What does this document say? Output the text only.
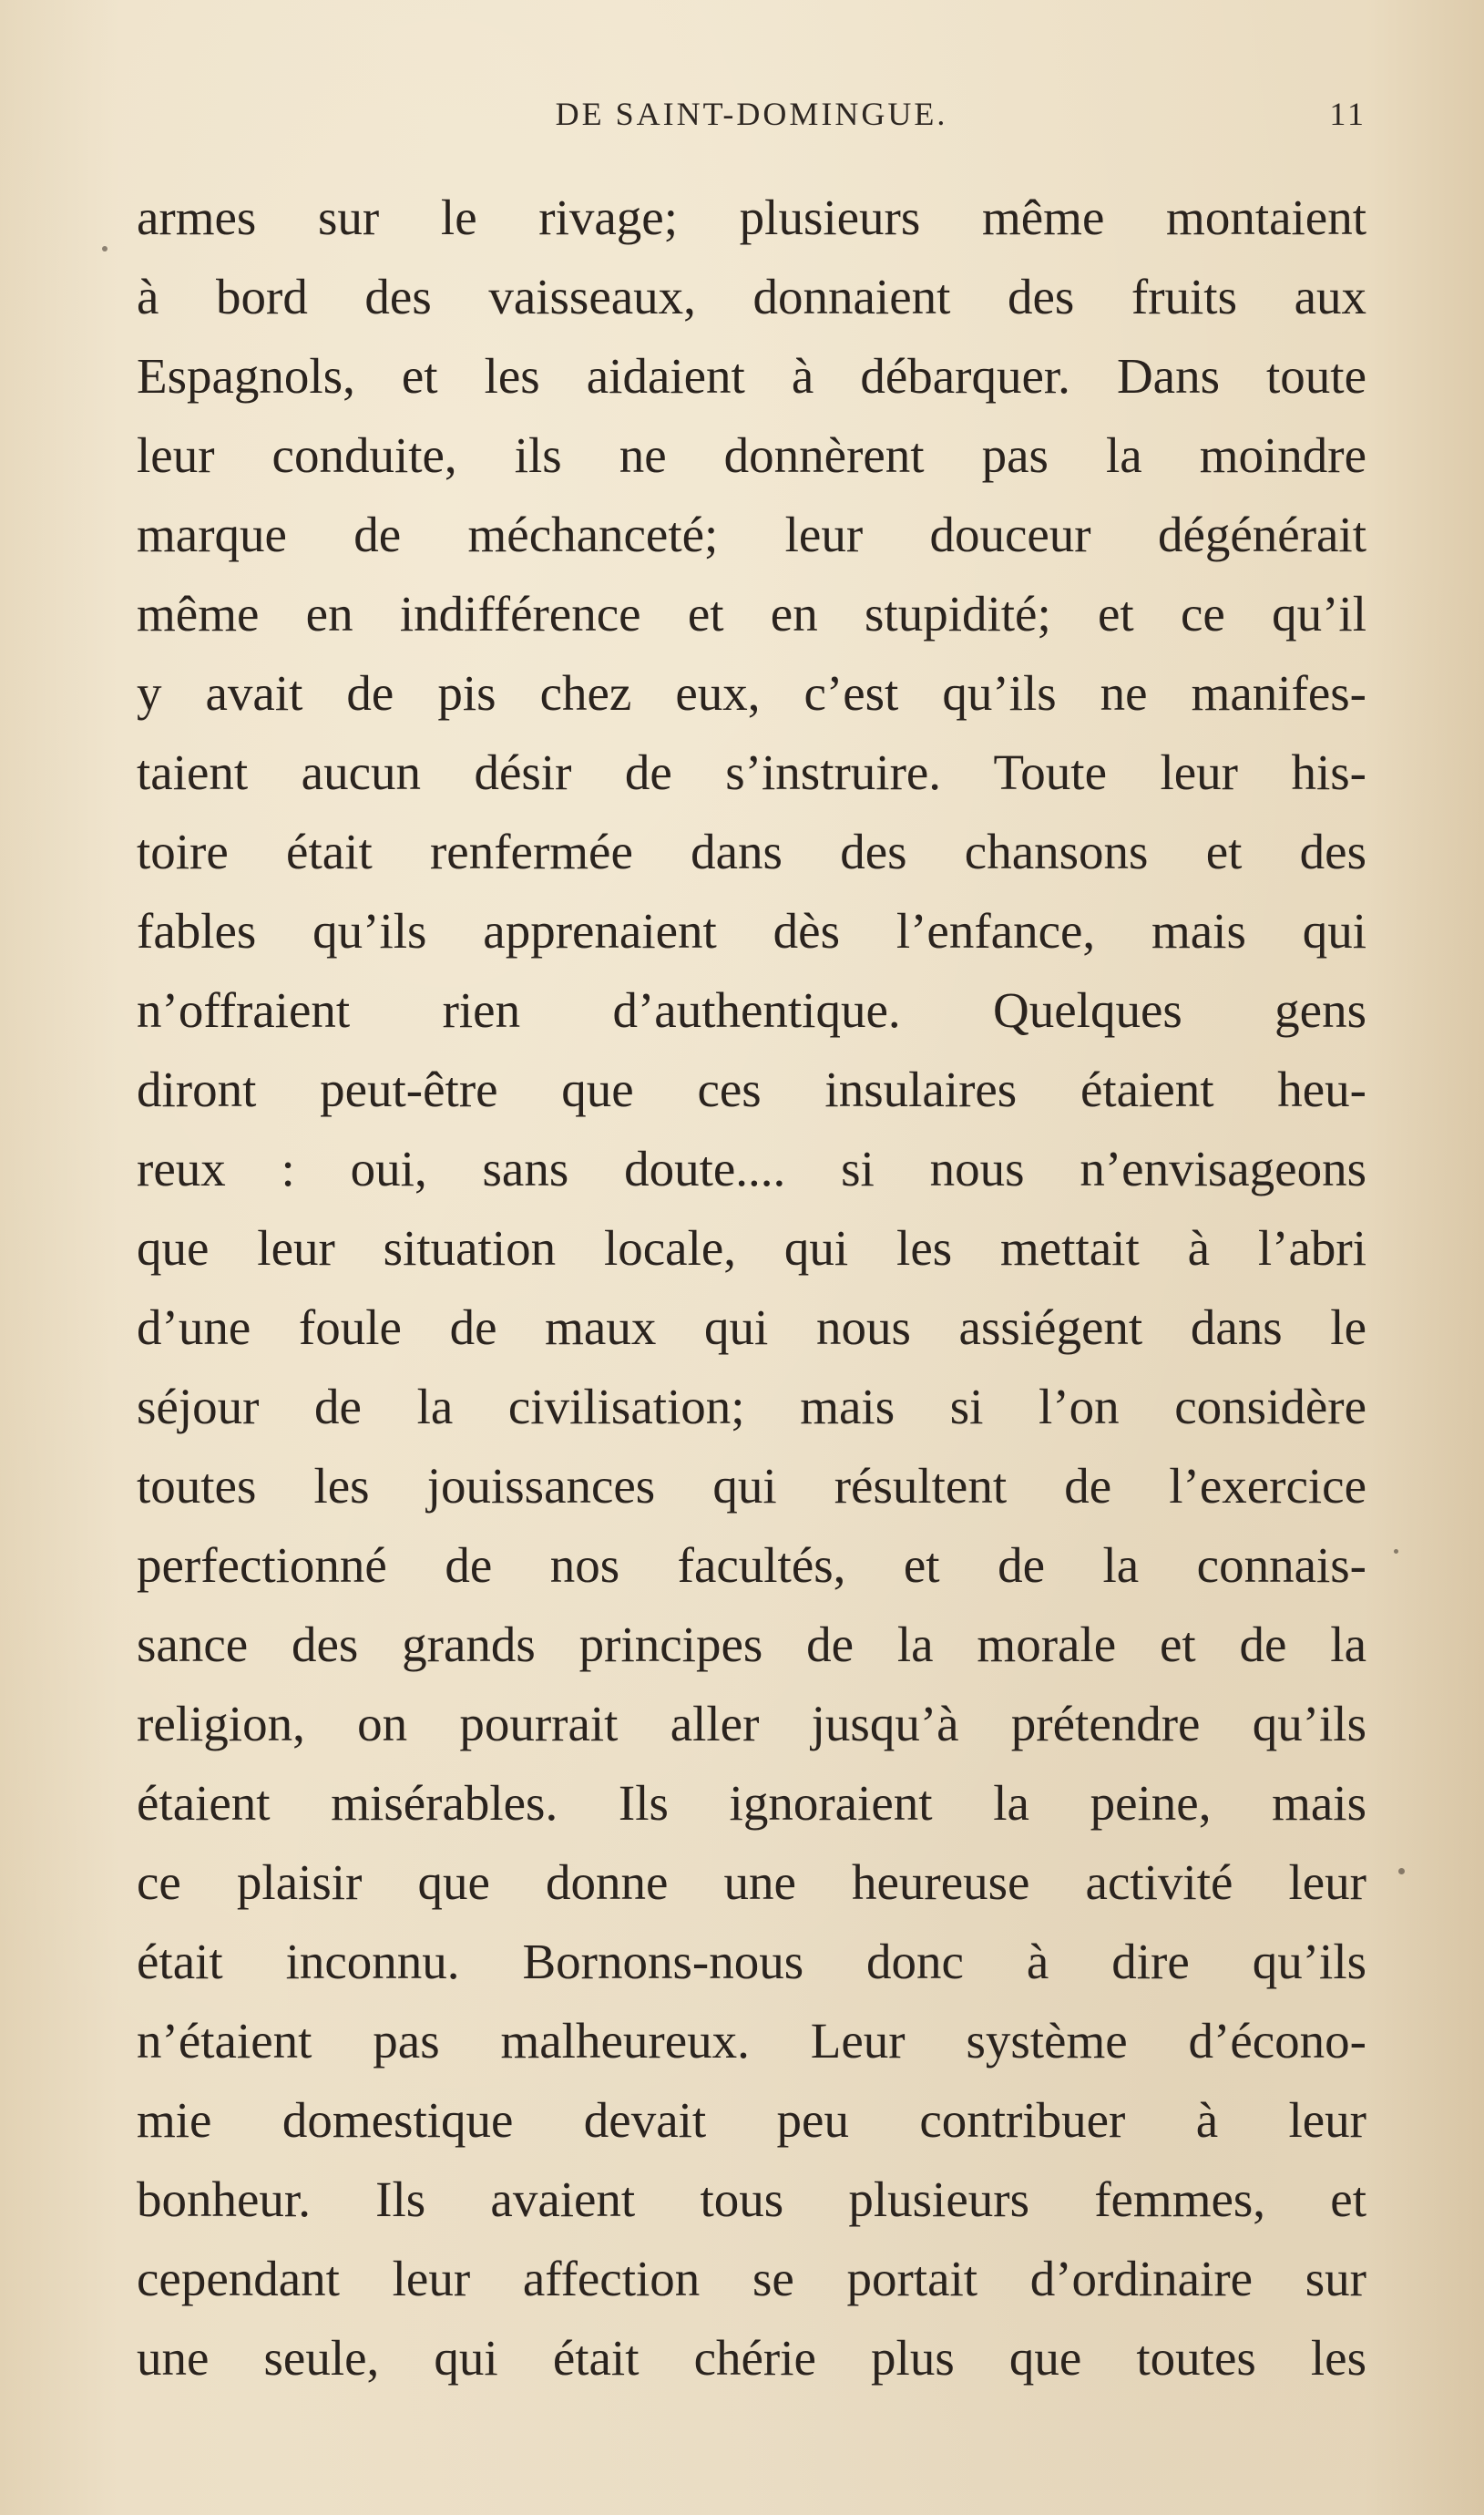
DE SAINT-DOMINGUE.	11
armes sur le rivage; plusieurs même montaient
à bord des vaisseaux, donnaient des fruits aux
Espagnols, et les aidaient à débarquer. Dans toute
leur conduite, ils ne donnèrent pas la moindre
marque de méchanceté; leur douceur dégénérait
même en indifférence et en stupidité; et ce qu’il
y avait de pis chez eux, c’est qu’ils ne manifes-
taient aucun désir de s’instruire. Toute leur his-
toire était renfermée dans des chansons et des
fables qu’ils apprenaient dès l’enfance, mais qui
n’offraient rien d’authentique. Quelques gens
diront peut-être que ces insulaires étaient heu-
reux : oui, sans doute.... si nous n’envisageons
que leur situation locale, qui les mettait à l’abri
d’une foule de maux qui nous assiégent dans le
séjour de la civilisation; mais si l’on considère
toutes les jouissances qui résultent de l’exercice
perfectionné de nos facultés, et de la connais-
sance des grands principes de la morale et de la
religion, on pourrait aller jusqu’à prétendre qu’ils
étaient misérables. Ils ignoraient la peine, mais
ce plaisir que donne une heureuse activité leur
était inconnu. Bornons-nous donc à dire qu’ils
n’étaient pas malheureux. Leur système d’écono-
mie domestique devait peu contribuer à leur
bonheur. Ils avaient tous plusieurs femmes, et
cependant leur affection se portait d’ordinaire sur
une seule, qui était chérie plus que toutes les
